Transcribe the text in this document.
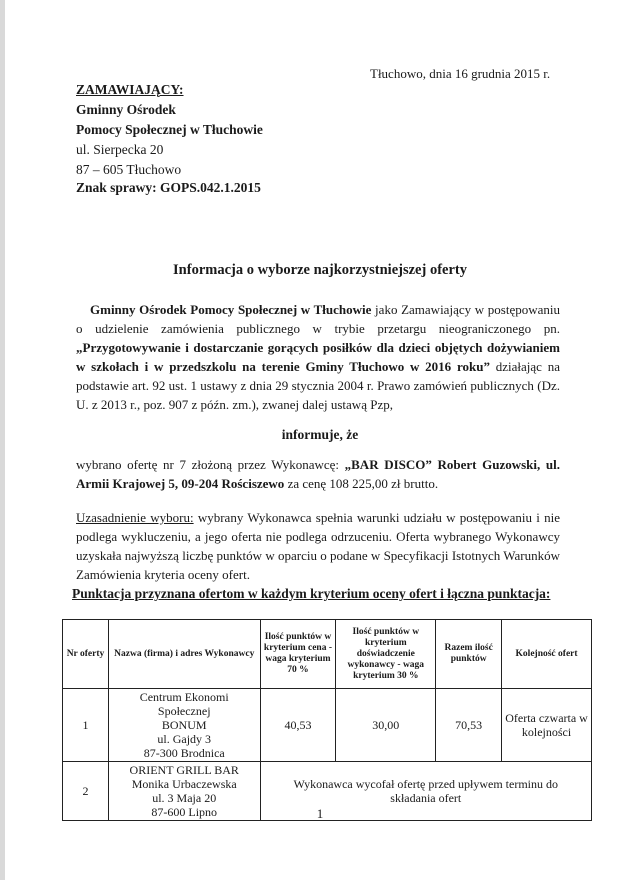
Tłuchowo, dnia 16 grudnia 2015 r.
ZAMAWIAJĄCY:
Gminny Ośrodek
Pomocy Społecznej w Tłuchowie
ul. Sierpecka 20
87 – 605 Tłuchowo
Znak sprawy: GOPS.042.1.2015
Informacja o wyborze najkorzystniejszej oferty
Gminny Ośrodek Pomocy Społecznej w Tłuchowie jako Zamawiający w postępowaniu o udzielenie zamówienia publicznego w trybie przetargu nieograniczonego pn. „Przygotowywanie i dostarczanie gorących posiłków dla dzieci objętych dożywianiem w szkołach i w przedszkolu na terenie Gminy Tłuchowo w 2016 roku” działając na podstawie art. 92 ust. 1 ustawy z dnia 29 stycznia 2004 r. Prawo zamówień publicznych (Dz. U. z 2013 r., poz. 907 z późn. zm.), zwanej dalej ustawą Pzp,
informuje, że
wybrano ofertę nr 7 złożoną przez Wykonawcę: „BAR DISCO” Robert Guzowski, ul. Armii Krajowej 5, 09-204 Rościszewo za cenę 108 225,00 zł brutto.
Uzasadnienie wyboru: wybrany Wykonawca spełnia warunki udziału w postępowaniu i nie podlega wykluczeniu, a jego oferta nie podlega odrzuceniu. Oferta wybranego Wykonawcy uzyskała najwyższą liczbę punktów w oparciu o podane w Specyfikacji Istotnych Warunków Zamówienia kryteria oceny ofert.
Punktacja przyznana ofertom w każdym kryterium oceny ofert i łączna punktacja:
Nr oferty	Nazwa (firma) i adres Wykonawcy	Ilość punktów w kryterium cena - waga kryterium 70 %	Ilość punktów w kryterium doświadczenie wykonawcy - waga kryterium 30 %	Razem ilość punktów	Kolejność ofert
1	Centrum Ekonomi Społecznej
BONUM
ul. Gajdy 3
87-300 Brodnica	40,53	30,00	70,53	Oferta czwarta w kolejności
2	ORIENT GRILL BAR
Monika Urbaczewska
ul. 3 Maja 20
87-600 Lipno	Wykonawca wycofał ofertę przed upływem terminu do składania ofert			
1
